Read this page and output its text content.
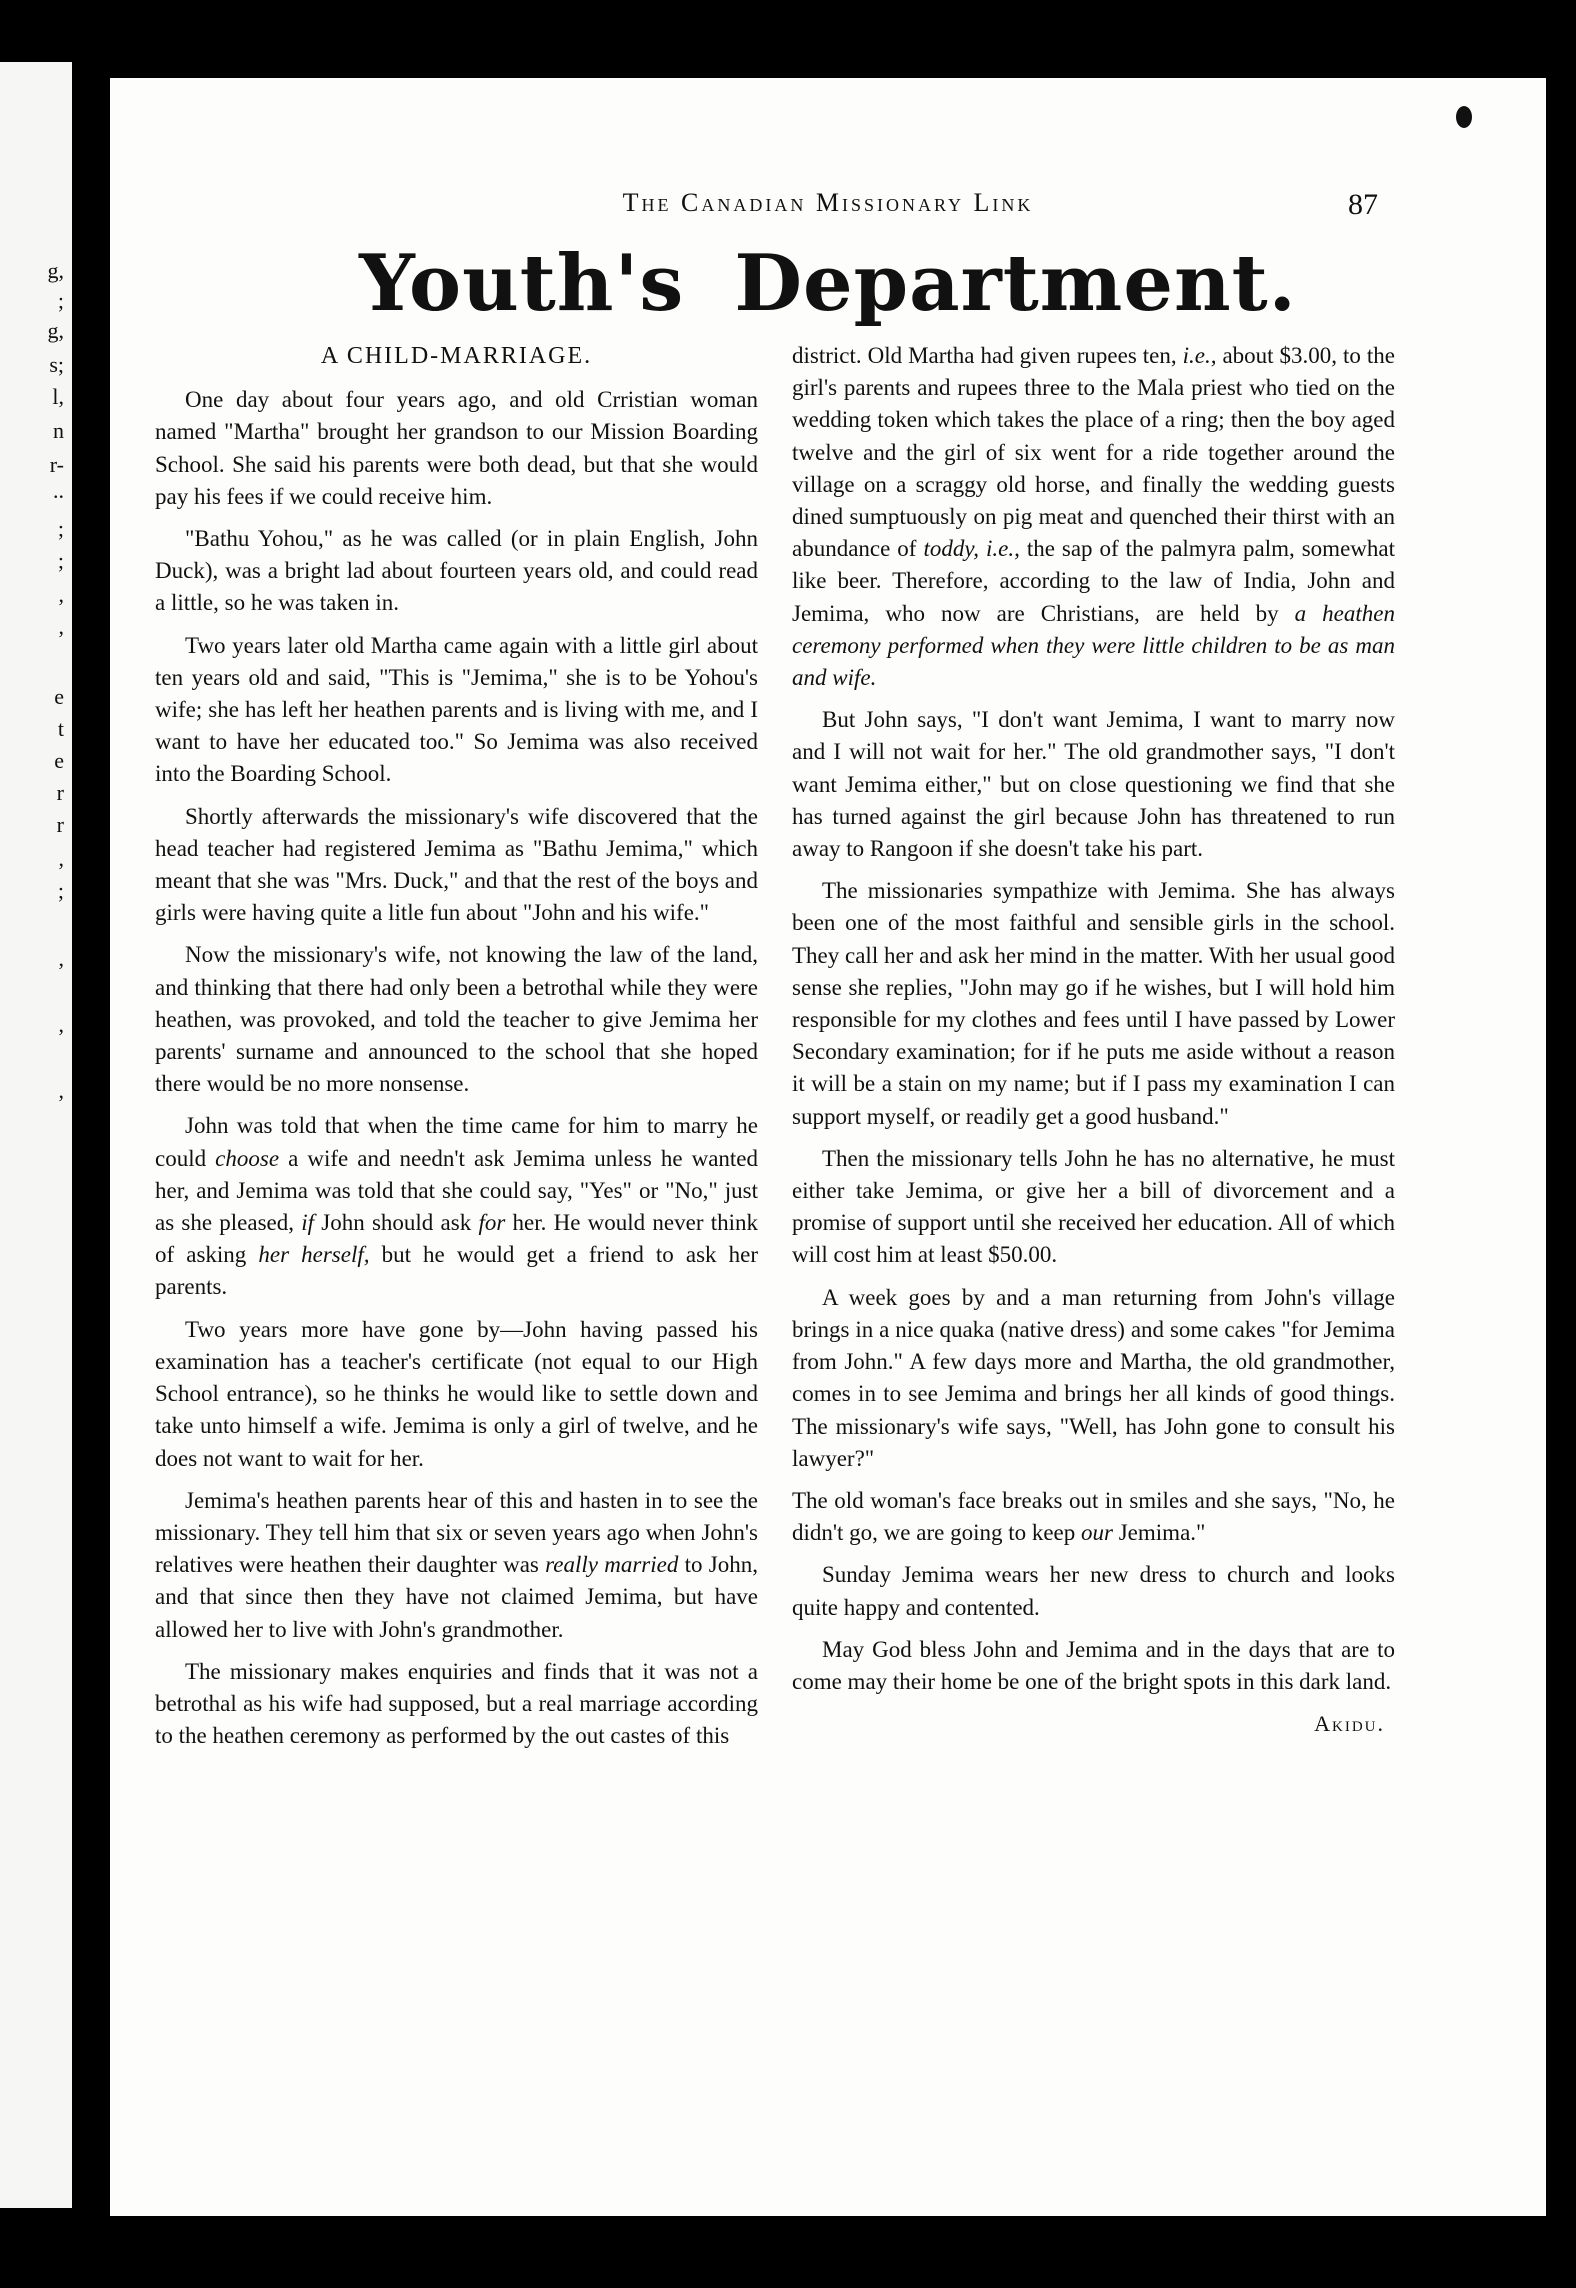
g,
;
g,
s;
l,
n
r-
..
;
;
,
,
e
t
e
r
r
,
;
,
,
,
The Canadian Missionary Link	87
Youth's Department.
A CHILD-MARRIAGE.

One day about four years ago, and old Crristian woman named "Martha" brought her grandson to our Mission Boarding School. She said his parents were both dead, but that she would pay his fees if we could receive him.

"Bathu Yohou," as he was called (or in plain English, John Duck), was a bright lad about fourteen years old, and could read a little, so he was taken in.

Two years later old Martha came again with a little girl about ten years old and said, "This is "Jemima," she is to be Yohou's wife; she has left her heathen parents and is living with me, and I want to have her educated too." So Jemima was also received into the Boarding School.

Shortly afterwards the missionary's wife discovered that the head teacher had registered Jemima as "Bathu Jemima," which meant that she was "Mrs. Duck," and that the rest of the boys and girls were having quite a litle fun about "John and his wife."

Now the missionary's wife, not knowing the law of the land, and thinking that there had only been a betrothal while they were heathen, was provoked, and told the teacher to give Jemima her parents' surname and announced to the school that she hoped there would be no more nonsense.

John was told that when the time came for him to marry he could choose a wife and needn't ask Jemima unless he wanted her, and Jemima was told that she could say, "Yes" or "No," just as she pleased, if John should ask for her. He would never think of asking her herself, but he would get a friend to ask her parents.

Two years more have gone by—John having passed his examination has a teacher's certificate (not equal to our High School entrance), so he thinks he would like to settle down and take unto himself a wife. Jemima is only a girl of twelve, and he does not want to wait for her.

Jemima's heathen parents hear of this and hasten in to see the missionary. They tell him that six or seven years ago when John's relatives were heathen their daughter was really married to John, and that since then they have not claimed Jemima, but have allowed her to live with John's grandmother.

The missionary makes enquiries and finds that it was not a betrothal as his wife had supposed, but a real marriage according to the heathen ceremony as performed by the out castes of this

district. Old Martha had given rupees ten, i.e., about $3.00, to the girl's parents and rupees three to the Mala priest who tied on the wedding token which takes the place of a ring; then the boy aged twelve and the girl of six went for a ride together around the village on a scraggy old horse, and finally the wedding guests dined sumptuously on pig meat and quenched their thirst with an abundance of toddy, i.e., the sap of the palmyra palm, somewhat like beer. Therefore, according to the law of India, John and Jemima, who now are Christians, are held by a heathen ceremony performed when they were little children to be as man and wife.

But John says, "I don't want Jemima, I want to marry now and I will not wait for her." The old grandmother says, "I don't want Jemima either," but on close questioning we find that she has turned against the girl because John has threatened to run away to Rangoon if she doesn't take his part.

The missionaries sympathize with Jemima. She has always been one of the most faithful and sensible girls in the school. They call her and ask her mind in the matter. With her usual good sense she replies, "John may go if he wishes, but I will hold him responsible for my clothes and fees until I have passed by Lower Secondary examination; for if he puts me aside without a reason it will be a stain on my name; but if I pass my examination I can support myself, or readily get a good husband."

Then the missionary tells John he has no alternative, he must either take Jemima, or give her a bill of divorcement and a promise of support until she received her education. All of which will cost him at least $50.00.

A week goes by and a man returning from John's village brings in a nice quaka (native dress) and some cakes "for Jemima from John." A few days more and Martha, the old grandmother, comes in to see Jemima and brings her all kinds of good things. The missionary's wife says, "Well, has John gone to consult his lawyer?"

The old woman's face breaks out in smiles and she says, "No, he didn't go, we are going to keep our Jemima."

Sunday Jemima wears her new dress to church and looks quite happy and contented.

May God bless John and Jemima and in the days that are to come may their home be one of the bright spots in this dark land.

Akidu.
